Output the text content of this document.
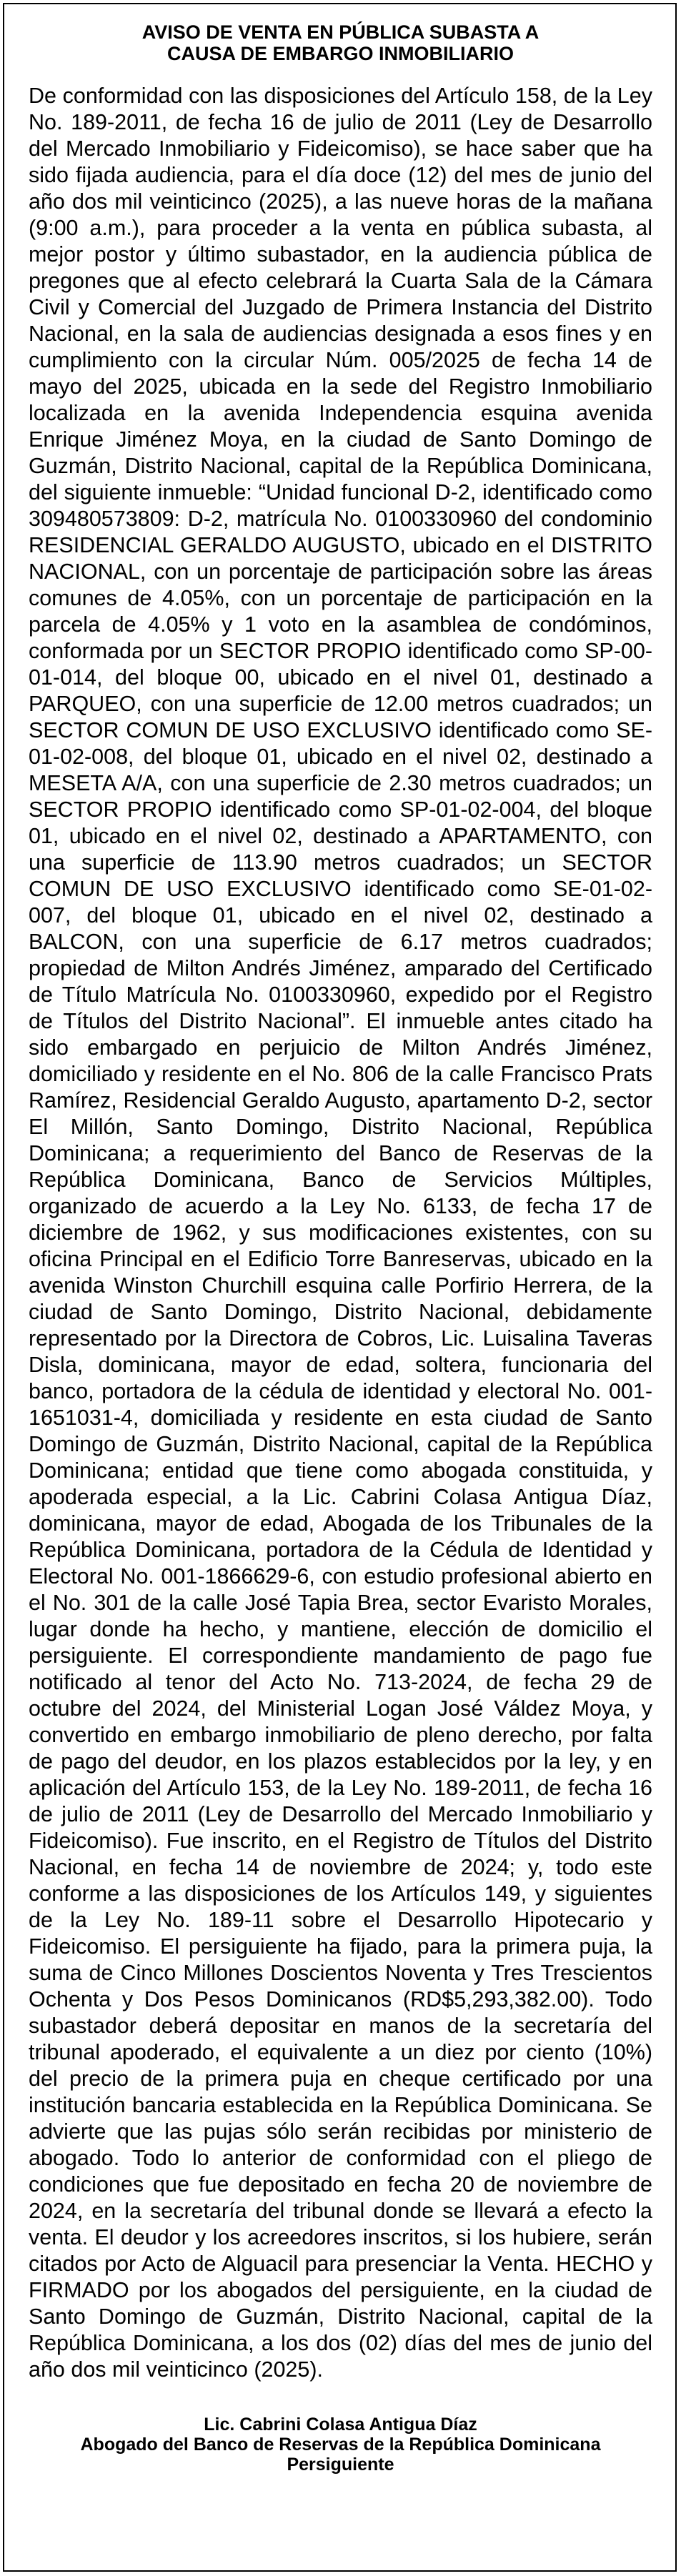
AVISO DE VENTA EN PÚBLICA SUBASTA A CAUSA DE EMBARGO INMOBILIARIO

De conformidad con las disposiciones del Artículo 158, de la Ley No. 189-2011, de fecha 16 de julio de 2011 (Ley de Desarrollo del Mercado Inmobiliario y Fideicomiso), se hace saber que ha sido fijada audiencia, para el día doce (12) del mes de junio del año dos mil veinticinco (2025), a las nueve horas de la mañana (9:00 a.m.), para proceder a la venta en pública subasta, al mejor postor y último subastador, en la audiencia pública de pregones que al efecto celebrará la Cuarta Sala de la Cámara Civil y Comercial del Juzgado de Primera Instancia del Distrito Nacional, en la sala de audiencias designada a esos fines y en cumplimiento con la circular Núm. 005/2025 de fecha 14 de mayo del 2025, ubicada en la sede del Registro Inmobiliario localizada en la avenida Independencia esquina avenida Enrique Jiménez Moya, en la ciudad de Santo Domingo de Guzmán, Distrito Nacional, capital de la República Dominicana, del siguiente inmueble: “Unidad funcional D-2, identificado como 309480573809: D-2, matrícula No. 0100330960 del condominio RESIDENCIAL GERALDO AUGUSTO, ubicado en el DISTRITO NACIONAL, con un porcentaje de participación sobre las áreas comunes de 4.05%, con un porcentaje de participación en la parcela de 4.05% y 1 voto en la asamblea de condóminos, conformada por un SECTOR PROPIO identificado como SP-00-01-014, del bloque 00, ubicado en el nivel 01, destinado a PARQUEO, con una superficie de 12.00 metros cuadrados; un SECTOR COMUN DE USO EXCLUSIVO identificado como SE-01-02-008, del bloque 01, ubicado en el nivel 02, destinado a MESETA A/A, con una superficie de 2.30 metros cuadrados; un SECTOR PROPIO identificado como SP-01-02-004, del bloque 01, ubicado en el nivel 02, destinado a APARTAMENTO, con una superficie de 113.90 metros cuadrados; un SECTOR COMUN DE USO EXCLUSIVO identificado como SE-01-02-007, del bloque 01, ubicado en el nivel 02, destinado a BALCON, con una superficie de 6.17 metros cuadrados; propiedad de Milton Andrés Jiménez, amparado del Certificado de Título Matrícula No. 0100330960, expedido por el Registro de Títulos del Distrito Nacional”. El inmueble antes citado ha sido embargado en perjuicio de Milton Andrés Jiménez, domiciliado y residente en el No. 806 de la calle Francisco Prats Ramírez, Residencial Geraldo Augusto, apartamento D-2, sector El Millón, Santo Domingo, Distrito Nacional, República Dominicana; a requerimiento del Banco de Reservas de la República Dominicana, Banco de Servicios Múltiples, organizado de acuerdo a la Ley No. 6133, de fecha 17 de diciembre de 1962, y sus modificaciones existentes, con su oficina Principal en el Edificio Torre Banreservas, ubicado en la avenida Winston Churchill esquina calle Porfirio Herrera, de la ciudad de Santo Domingo, Distrito Nacional, debidamente representado por la Directora de Cobros, Lic. Luisalina Taveras Disla, dominicana, mayor de edad, soltera, funcionaria del banco, portadora de la cédula de identidad y electoral No. 001-1651031-4, domiciliada y residente en esta ciudad de Santo Domingo de Guzmán, Distrito Nacional, capital de la República Dominicana; entidad que tiene como abogada constituida, y apoderada especial, a la Lic. Cabrini Colasa Antigua Díaz, dominicana, mayor de edad, Abogada de los Tribunales de la República Dominicana, portadora de la Cédula de Identidad y Electoral No. 001-1866629-6, con estudio profesional abierto en el No. 301 de la calle José Tapia Brea, sector Evaristo Morales, lugar donde ha hecho, y mantiene, elección de domicilio el persiguiente. El correspondiente mandamiento de pago fue notificado al tenor del Acto No. 713-2024, de fecha 29 de octubre del 2024, del Ministerial Logan José Váldez Moya, y convertido en embargo inmobiliario de pleno derecho, por falta de pago del deudor, en los plazos establecidos por la ley, y en aplicación del Artículo 153, de la Ley No. 189-2011, de fecha 16 de julio de 2011 (Ley de Desarrollo del Mercado Inmobiliario y Fideicomiso). Fue inscrito, en el Registro de Títulos del Distrito Nacional, en fecha 14 de noviembre de 2024; y, todo este conforme a las disposiciones de los Artículos 149, y siguientes de la Ley No. 189-11 sobre el Desarrollo Hipotecario y Fideicomiso. El persiguiente ha fijado, para la primera puja, la suma de Cinco Millones Doscientos Noventa y Tres Trescientos Ochenta y Dos Pesos Dominicanos (RD$5,293,382.00). Todo subastador deberá depositar en manos de la secretaría del tribunal apoderado, el equivalente a un diez por ciento (10%) del precio de la primera puja en cheque certificado por una institución bancaria establecida en la República Dominicana. Se advierte que las pujas sólo serán recibidas por ministerio de abogado. Todo lo anterior de conformidad con el pliego de condiciones que fue depositado en fecha 20 de noviembre de 2024, en la secretaría del tribunal donde se llevará a efecto la venta. El deudor y los acreedores inscritos, si los hubiere, serán citados por Acto de Alguacil para presenciar la Venta. HECHO y FIRMADO por los abogados del persiguiente, en la ciudad de Santo Domingo de Guzmán, Distrito Nacional, capital de la República Dominicana, a los dos (02) días del mes de junio del año dos mil veinticinco (2025).

Lic. Cabrini Colasa Antigua Díaz
Abogado del Banco de Reservas de la República Dominicana
Persiguiente
